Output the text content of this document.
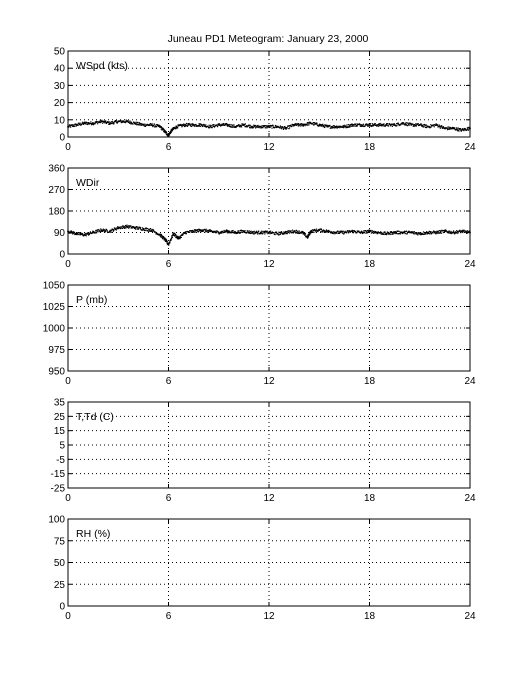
Juneau PD1 Meteogram: January 23, 2000
0	6	12	18	24
0
10
20
30
40
50
WSpd (kts)
0	6	12	18	24
0
90
180
270
360
WDir
0	6	12	18	24
950
975
1000
1025
1050
P (mb)
0	6	12	18	24
-25
-15
-5
5
15
25
35
T,Td (C)
0	6	12	18	24
0
25
50
75
100
RH (%)
